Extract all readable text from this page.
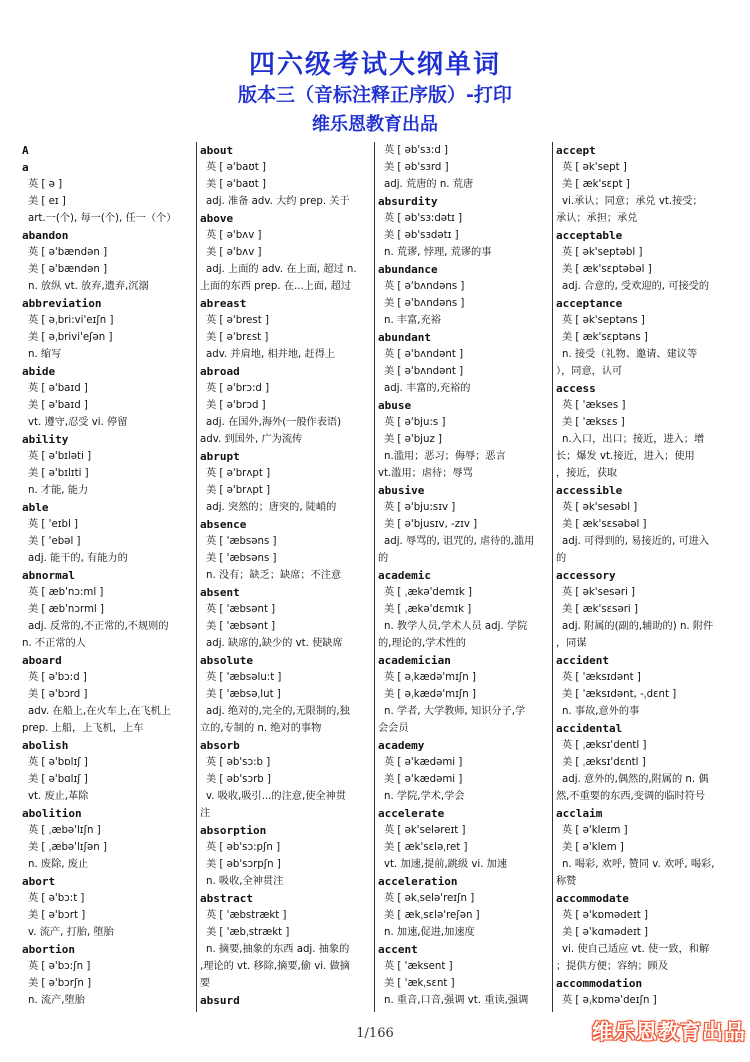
四六级考试大纲单词
版本三（音标注释正序版）-打印
维乐恩教育出品
A
a
英 [ ə ]
美 [ eɪ ]
art.一(个), 每一(个), 任一（个）
abandon
英 [ ə'bændən ]
美 [ ə'bændən ]
n. 放纵 vt. 放弃,遗弃,沉溺
abbreviation
英 [ əˌbri:vi'eɪʃn ]
美 [ əˌbrivi'eʃən ]
n. 缩写
abide
英 [ ə'baɪd ]
美 [ ə'baɪd ]
vt. 遵守,忍受 vi. 停留
ability
英 [ ə'bɪləti ]
美 [ ə'bɪlɪti ]
n. 才能, 能力
able
英 [ 'eɪbl ]
美 [ 'ebəl ]
adj. 能干的, 有能力的
abnormal
英 [ æb'nɔ:ml ]
美 [ æb'nɔrml ]
adj. 反常的,不正常的,不规则的
n. 不正常的人
aboard
英 [ ə'bɔ:d ]
美 [ ə'bɔrd ]
adv. 在船上,在火车上,在飞机上
prep. 上船，上飞机，上车
abolish
英 [ ə'bɒlɪʃ ]
美 [ ə'bɑlɪʃ ]
vt. 废止,革除
abolition
英 [ ˌæbə'lɪʃn ]
美 [ ˌæbə'lɪʃən ]
n. 废除, 废止
abort
英 [ ə'bɔ:t ]
美 [ ə'bɔrt ]
v. 流产, 打胎, 堕胎
abortion
英 [ ə'bɔ:ʃn ]
美 [ ə'bɔrʃn ]
n. 流产,堕胎
about
英 [ ə'baʊt ]
美 [ ə'baʊt ]
adj. 准备 adv. 大约 prep. 关于
above
英 [ ə'bʌv ]
美 [ ə'bʌv ]
adj. 上面的 adv. 在上面, 超过 n.
上面的东西 prep. 在...上面, 超过
abreast
英 [ ə'brest ]
美 [ ə'brɛst ]
adv. 并肩地, 相并地, 赶得上
abroad
英 [ ə'brɔ:d ]
美 [ ə'brɔd ]
adj. 在国外,海外(一般作表语)
adv. 到国外, 广为流传
abrupt
英 [ ə'brʌpt ]
美 [ ə'brʌpt ]
adj. 突然的；唐突的, 陡峭的
absence
英 [ 'æbsəns ]
美 [ 'æbsəns ]
n. 没有；缺乏；缺席；不注意
absent
英 [ 'æbsənt ]
美 [ 'æbsənt ]
adj. 缺席的,缺少的 vt. 使缺席
absolute
英 [ 'æbsəlu:t ]
美 [ 'æbsəˌlut ]
adj. 绝对的,完全的,无限制的,独
立的,专制的 n. 绝对的事物
absorb
英 [ əb'sɔ:b ]
美 [ əb'sɔrb ]
v. 吸收,吸引...的注意,使全神贯
注
absorption
英 [ əb'sɔ:pʃn ]
美 [ əb'sɔrpʃn ]
n. 吸收,全神贯注
abstract
英 [ 'æbstrækt ]
美 [ 'æbˌstrækt ]
n. 摘要,抽象的东西 adj. 抽象的
,理论的 vt. 移除,摘要,偷 vi. 做摘
要
absurd
英 [ əb'sɜ:d ]
美 [ əb'sɜrd ]
adj. 荒唐的 n. 荒唐
absurdity
英 [ əb'sɜ:dətɪ ]
美 [ əb'sɜdətɪ ]
n. 荒谬, 悖理, 荒谬的事
abundance
英 [ ə'bʌndəns ]
美 [ ə'bʌndəns ]
n. 丰富,充裕
abundant
英 [ ə'bʌndənt ]
美 [ ə'bʌndənt ]
adj. 丰富的,充裕的
abuse
英 [ ə'bju:s ]
美 [ ə'bjuz ]
n.滥用；恶习；侮辱；恶言
vt.滥用；虐待；辱骂
abusive
英 [ ə'bju:sɪv ]
美 [ ə'bjusɪv, -zɪv ]
adj. 辱骂的, 诅咒的, 虐待的,滥用
的
academic
英 [ ˌækə'demɪk ]
美 [ ˌækə'dɛmɪk ]
n. 教学人员,学术人员 adj. 学院
的,理论的,学术性的
academician
英 [ əˌkædə'mɪʃn ]
美 [ əˌkædə'mɪʃn ]
n. 学者, 大学教师, 知识分子,学
会会员
academy
英 [ ə'kædəmi ]
美 [ ə'kædəmi ]
n. 学院,学术,学会
accelerate
英 [ ək'seləreɪt ]
美 [ æk'sɛləˌret ]
vt. 加速,提前,跳级 vi. 加速
acceleration
英 [ əkˌselə'reɪʃn ]
美 [ ækˌsɛlə'reʃən ]
n. 加速,促进,加速度
accent
英 [ 'æksent ]
美 [ 'ækˌsɛnt ]
n. 重音,口音,强调 vt. 重读,强调
accept
英 [ ək'sept ]
美 [ æk'sɛpt ]
vi.承认；同意；承兑 vt.接受；
承认；承担；承兑
acceptable
英 [ ək'septəbl ]
美 [ æk'sɛptəbəl ]
adj. 合意的, 受欢迎的, 可接受的
acceptance
英 [ ək'septəns ]
美 [ æk'sɛptəns ]
n. 接受（礼物、邀请、建议等
），同意，认可
access
英 [ 'ækses ]
美 [ 'æksɛs ]
n.入口，出口；接近，进入；增
长；爆发 vt.接近，进入；使用
，接近，获取
accessible
英 [ ək'sesəbl ]
美 [ æk'sɛsəbəl ]
adj. 可得到的, 易接近的, 可进入
的
accessory
英 [ ək'sesəri ]
美 [ æk'sɛsəri ]
adj. 附属的(副的,辅助的) n. 附件
，同谋
accident
英 [ 'æksɪdənt ]
美 [ 'æksɪdənt, -ˌdɛnt ]
n. 事故,意外的事
accidental
英 [ ˌæksɪ'dentl ]
美 [ ˌæksɪ'dɛntl ]
adj. 意外的,偶然的,附属的 n. 偶
然,不重要的东西,变调的临时符号
acclaim
英 [ ə'kleɪm ]
美 [ ə'klem ]
n. 喝彩, 欢呼, 赞同 v. 欢呼, 喝彩,
称赞
accommodate
英 [ ə'kɒmədeɪt ]
美 [ ə'kɑmədeɪt ]
vi. 使自己适应 vt. 使一致，和解
；提供方便；容纳；顾及
accommodation
英 [ əˌkɒmə'deɪʃn ]
1/166	维乐恩教育出品
